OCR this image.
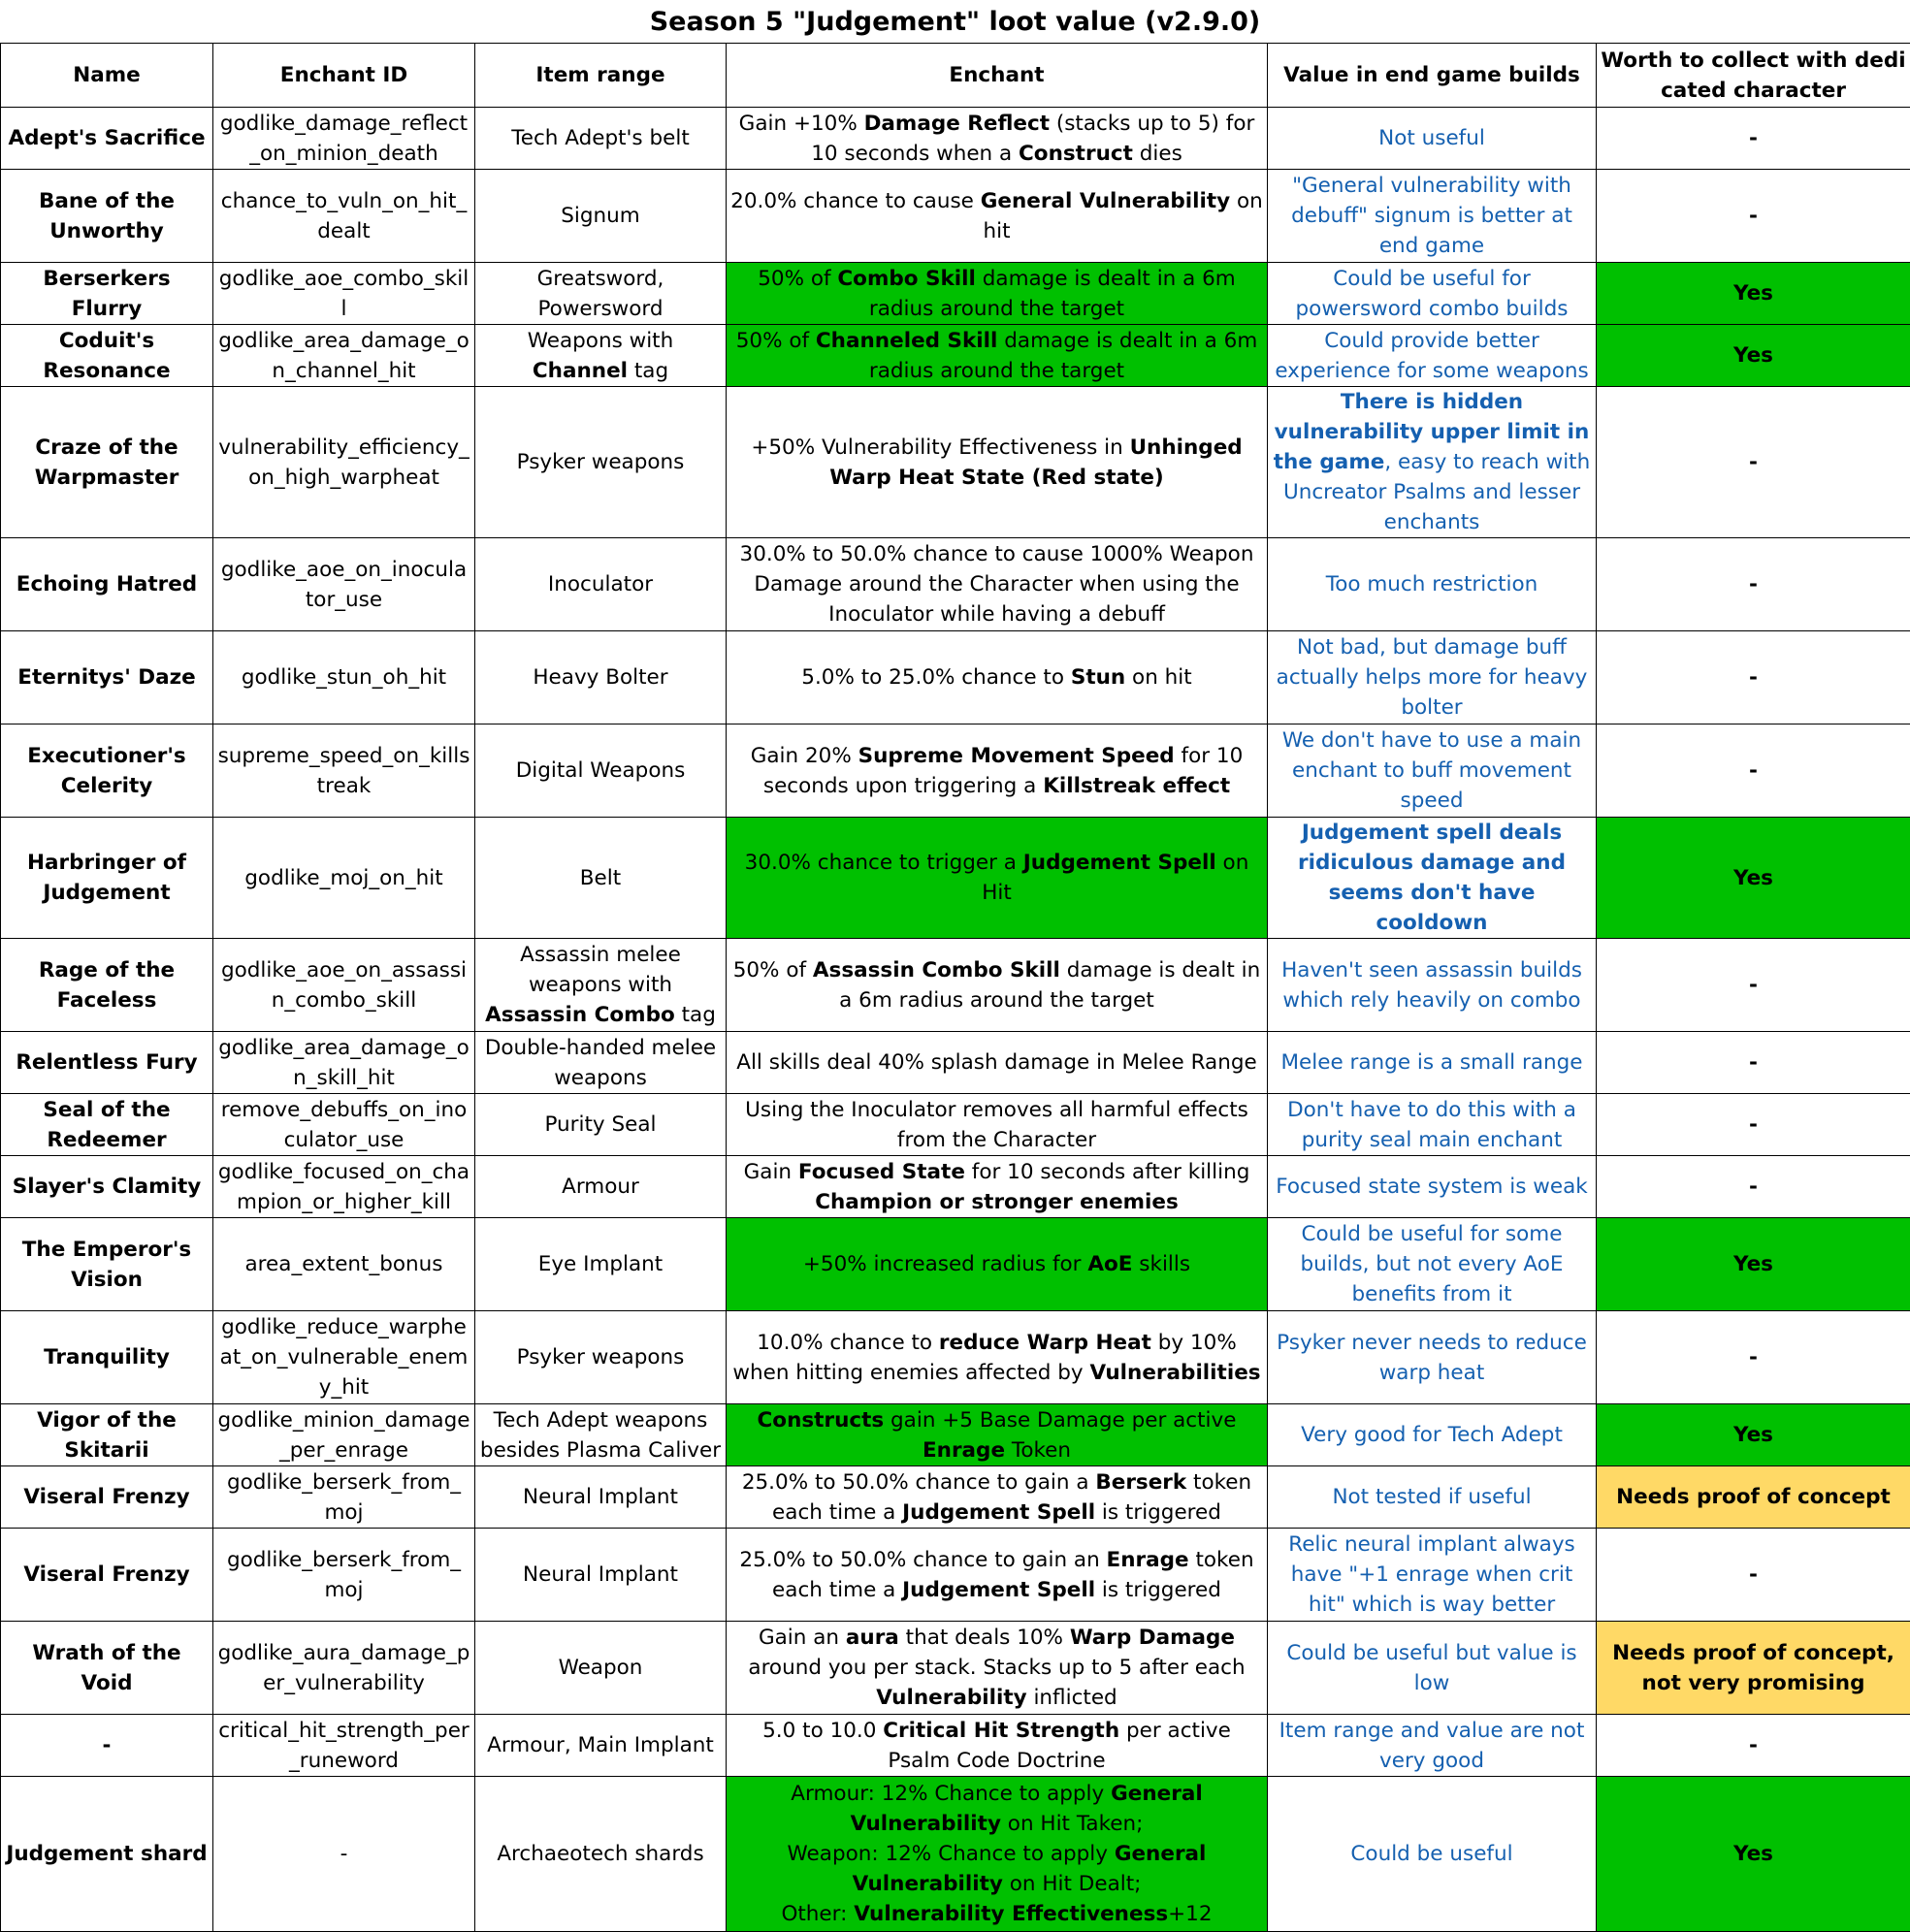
Season 5 "Judgement" loot value (v2.9.0)
Name	Enchant ID	Item range	Enchant	Value in end game builds	Worth to collect with dedicated character
Adept's Sacrifice	godlike_damage_reflect_on_minion_death	Tech Adept's belt	Gain +10% Damage Reflect (stacks up to 5) for 10 seconds when a Construct dies	Not useful	-
Bane of the Unworthy	chance_to_vuln_on_hit_dealt	Signum	20.0% chance to cause General Vulnerability on hit	"General vulnerability with debuff" signum is better at end game	-
Berserkers Flurry	godlike_aoe_combo_skill	Greatsword, Powersword	50% of Combo Skill damage is dealt in a 6m radius around the target	Could be useful for powersword combo builds	Yes
Coduit's Resonance	godlike_area_damage_on_channel_hit	Weapons with Channel tag	50% of Channeled Skill damage is dealt in a 6m radius around the target	Could provide better experience for some weapons	Yes
Craze of the Warpmaster	vulnerability_efficiency_on_high_warpheat	Psyker weapons	+50% Vulnerability Effectiveness in Unhinged Warp Heat State (Red state)	There is hidden vulnerability upper limit in the game, easy to reach with Uncreator Psalms and lesser enchants	-
Echoing Hatred	godlike_aoe_on_inoculator_use	Inoculator	30.0% to 50.0% chance to cause 1000% Weapon Damage around the Character when using the Inoculator while having a debuff	Too much restriction	-
Eternitys' Daze	godlike_stun_oh_hit	Heavy Bolter	5.0% to 25.0% chance to Stun on hit	Not bad, but damage buff actually helps more for heavy bolter	-
Executioner's Celerity	supreme_speed_on_killstreak	Digital Weapons	Gain 20% Supreme Movement Speed for 10 seconds upon triggering a Killstreak effect	We don't have to use a main enchant to buff movement speed	-
Harbringer of Judgement	godlike_moj_on_hit	Belt	30.0% chance to trigger a Judgement Spell on Hit	Judgement spell deals ridiculous damage and seems don't have cooldown	Yes
Rage of the Faceless	godlike_aoe_on_assassin_combo_skill	Assassin melee weapons with Assassin Combo tag	50% of Assassin Combo Skill damage is dealt in a 6m radius around the target	Haven't seen assassin builds which rely heavily on combo	-
Relentless Fury	godlike_area_damage_on_skill_hit	Double-handed melee weapons	All skills deal 40% splash damage in Melee Range	Melee range is a small range	-
Seal of the Redeemer	remove_debuffs_on_inoculator_use	Purity Seal	Using the Inoculator removes all harmful effects from the Character	Don't have to do this with a purity seal main enchant	-
Slayer's Clamity	godlike_focused_on_champion_or_higher_kill	Armour	Gain Focused State for 10 seconds after killing Champion or stronger enemies	Focused state system is weak	-
The Emperor's Vision	area_extent_bonus	Eye Implant	+50% increased radius for AoE skills	Could be useful for some builds, but not every AoE benefits from it	Yes
Tranquility	godlike_reduce_warpheat_on_vulnerable_enemy_hit	Psyker weapons	10.0% chance to reduce Warp Heat by 10% when hitting enemies affected by Vulnerabilities	Psyker never needs to reduce warp heat	-
Vigor of the Skitarii	godlike_minion_damage_per_enrage	Tech Adept weapons besides Plasma Caliver	Constructs gain +5 Base Damage per active Enrage Token	Very good for Tech Adept	Yes
Viseral Frenzy	godlike_berserk_from_moj	Neural Implant	25.0% to 50.0% chance to gain a Berserk token each time a Judgement Spell is triggered	Not tested if useful	Needs proof of concept
Viseral Frenzy	godlike_berserk_from_moj	Neural Implant	25.0% to 50.0% chance to gain an Enrage token each time a Judgement Spell is triggered	Relic neural implant always have "+1 enrage when crit hit" which is way better	-
Wrath of the Void	godlike_aura_damage_per_vulnerability	Weapon	Gain an aura that deals 10% Warp Damage around you per stack. Stacks up to 5 after each Vulnerability inflicted	Could be useful but value is low	Needs proof of concept, not very promising
-	critical_hit_strength_per_runeword	Armour, Main Implant	5.0 to 10.0 Critical Hit Strength per active Psalm Code Doctrine	Item range and value are not very good	-
Judgement shard	-	Archaeotech shards	Armour: 12% Chance to apply General Vulnerability on Hit Taken;
Weapon: 12% Chance to apply General Vulnerability on Hit Dealt;
Other: Vulnerability Effectiveness+12	Could be useful	Yes
